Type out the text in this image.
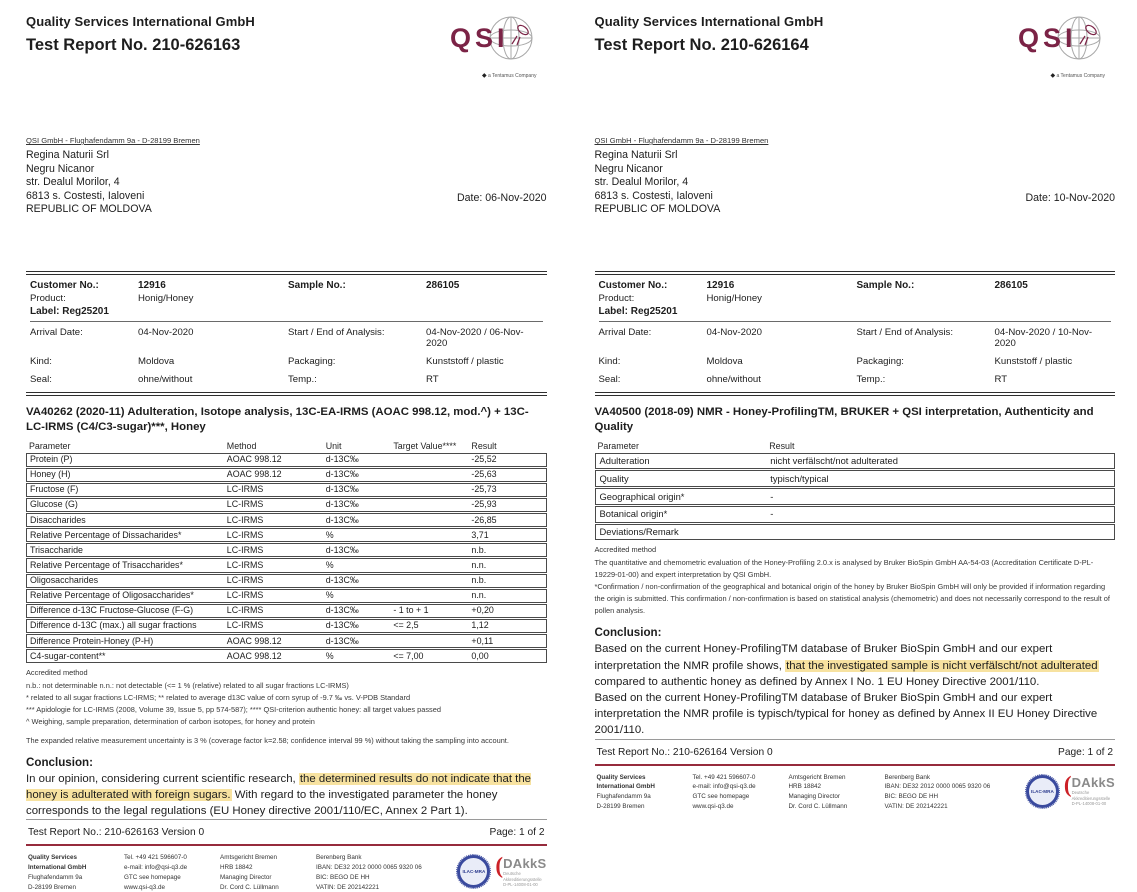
Quality Services International GmbH
Test Report No. 210-626163	QSI
◆ a Tentamus Company
QSI GmbH - Flughafendamm 9a - D-28199 Bremen
Regina Naturii Srl
Negru Nicanor
str. Dealul Morilor, 4
6813 s. Costesti, Ialoveni
REPUBLIC OF MOLDOVA
Date: 06-Nov-2020
Customer No.:	12916	Sample No.:	286105
Product:	Honig/Honey
Label: Reg25201
Arrival Date:	04-Nov-2020	Start / End of Analysis:	04-Nov-2020 / 06-Nov-2020
Kind:	Moldova	Packaging:	Kunststoff / plastic
Seal:	ohne/without	Temp.:	RT
VA40262 (2020-11) Adulteration, Isotope analysis, 13C-EA-IRMS (AOAC 998.12, mod.^) + 13C-LC-IRMS (C4/C3-sugar)***, Honey
Parameter	Method	Unit	Target Value****	Result
Protein (P)	AOAC 998.12	d-13C‰		-25,52
Honey (H)	AOAC 998.12	d-13C‰		-25,63
Fructose (F)	LC-IRMS	d-13C‰		-25,73
Glucose (G)	LC-IRMS	d-13C‰		-25,93
Disaccharides	LC-IRMS	d-13C‰		-26,85
Relative Percentage of Dissacharides*	LC-IRMS	%		3,71
Trisaccharide	LC-IRMS	d-13C‰		n.b.
Relative Percentage of Trisaccharides*	LC-IRMS	%		n.n.
Oligosaccharides	LC-IRMS	d-13C‰		n.b.
Relative Percentage of Oligosaccharides*	LC-IRMS	%		n.n.
Difference d-13C Fructose-Glucose (F-G)	LC-IRMS	d-13C‰	- 1 to + 1	+0,20
Difference d-13C (max.) all sugar fractions	LC-IRMS	d-13C‰	<= 2,5	1,12
Difference Protein-Honey (P-H)	AOAC 998.12	d-13C‰		+0,11
C4-sugar-content**	AOAC 998.12	%	<= 7,00	0,00
Accredited method
n.b.: not determinable n.n.: not detectable (<= 1 % (relative) related to all sugar fractions LC-IRMS)
* related to all sugar fractions LC-IRMS; ** related to average d13C value of corn syrup of -9.7 ‰ vs. V-PDB Standard
*** Apidologie for LC-IRMS (2008, Volume 39, Issue 5, pp 574-587); **** QSI-criterion authentic honey: all target values passed
^ Weighing, sample preparation, determination of carbon isotopes, for honey and protein
The expanded relative measurement uncertainty is 3 % (coverage factor k=2.58; confidence interval 99 %) without taking the sampling into account.
Conclusion:
In our opinion, considering current scientific research, the determined results do not indicate that the honey is adulterated with foreign sugars. With regard to the investigated parameter the honey corresponds to the legal regulations (EU Honey directive 2001/110/EC, Annex 2 Part 1).
Test Report No.: 210-626163 Version 0	Page: 1 of 2
Quality Services
International GmbH
Flughafendamm 9a
D-28199 Bremen
Tel. +49 421 596607-0
e-mail: info@qsi-q3.de
GTC see homepage
www.qsi-q3.de
Amtsgericht Bremen
HRB 18842
Managing Director
Dr. Cord C. Lüllmann
Berenberg Bank
IBAN: DE32 2012 0000 0065 9320 06
BIC: BEGO DE HH
VATIN: DE 202142221
ILAC-MRA ( DAkkS
Deutsche
Akkreditierungsstelle
D-PL-14008-01-00
Quality Services International GmbH
Test Report No. 210-626164	QSI
◆ a Tentamus Company
QSI GmbH - Flughafendamm 9a - D-28199 Bremen
Regina Naturii Srl
Negru Nicanor
str. Dealul Morilor, 4
6813 s. Costesti, Ialoveni
REPUBLIC OF MOLDOVA
Date: 10-Nov-2020
Customer No.:	12916	Sample No.:	286105
Product:	Honig/Honey
Label: Reg25201
Arrival Date:	04-Nov-2020	Start / End of Analysis:	04-Nov-2020 / 10-Nov-2020
Kind:	Moldova	Packaging:	Kunststoff / plastic
Seal:	ohne/without	Temp.:	RT
VA40500 (2018-09) NMR - Honey-ProfilingTM, BRUKER + QSI interpretation, Authenticity and Quality
Parameter	Result
Adulteration	nicht verfälscht/not adulterated
Quality	typisch/typical
Geographical origin*	-
Botanical origin*	-
Deviations/Remark	
Accredited method
The quantitative and chemometric evaluation of the Honey-Profiling 2.0.x is analysed by Bruker BioSpin GmbH AA-54-03 (Accreditation Certificate D-PL-19229-01-00) and expert interpretation by QSI GmbH.
*Confirmation / non-confirmation of the geographical and botanical origin of the honey by Bruker BioSpin GmbH will only be provided if information regarding the origin is submitted. This confirmation / non-confirmation is based on statistical analysis (chemometric) and does not necessarily correspond to the result of pollen analysis.
Conclusion:
Based on the current Honey-ProfilingTM database of Bruker BioSpin GmbH and our expert interpretation the NMR profile shows, that the investigated sample is nicht verfälscht/not adulterated compared to authentic honey as defined by Annex I No. 1 EU Honey Directive 2001/110.
Based on the current Honey-ProfilingTM database of Bruker BioSpin GmbH and our expert interpretation the NMR profile is typisch/typical for honey as defined by Annex II EU Honey Directive 2001/110.
Test Report No.: 210-626164 Version 0	Page: 1 of 2
Quality Services
International GmbH
Flughafendamm 9a
D-28199 Bremen
Tel. +49 421 596607-0
e-mail: info@qsi-q3.de
GTC see homepage
www.qsi-q3.de
Amtsgericht Bremen
HRB 18842
Managing Director
Dr. Cord C. Lüllmann
Berenberg Bank
IBAN: DE32 2012 0000 0065 9320 06
BIC: BEGO DE HH
VATIN: DE 202142221
ILAC-MRA ( DAkkS
Deutsche
Akkreditierungsstelle
D-PL-14008-01-00
